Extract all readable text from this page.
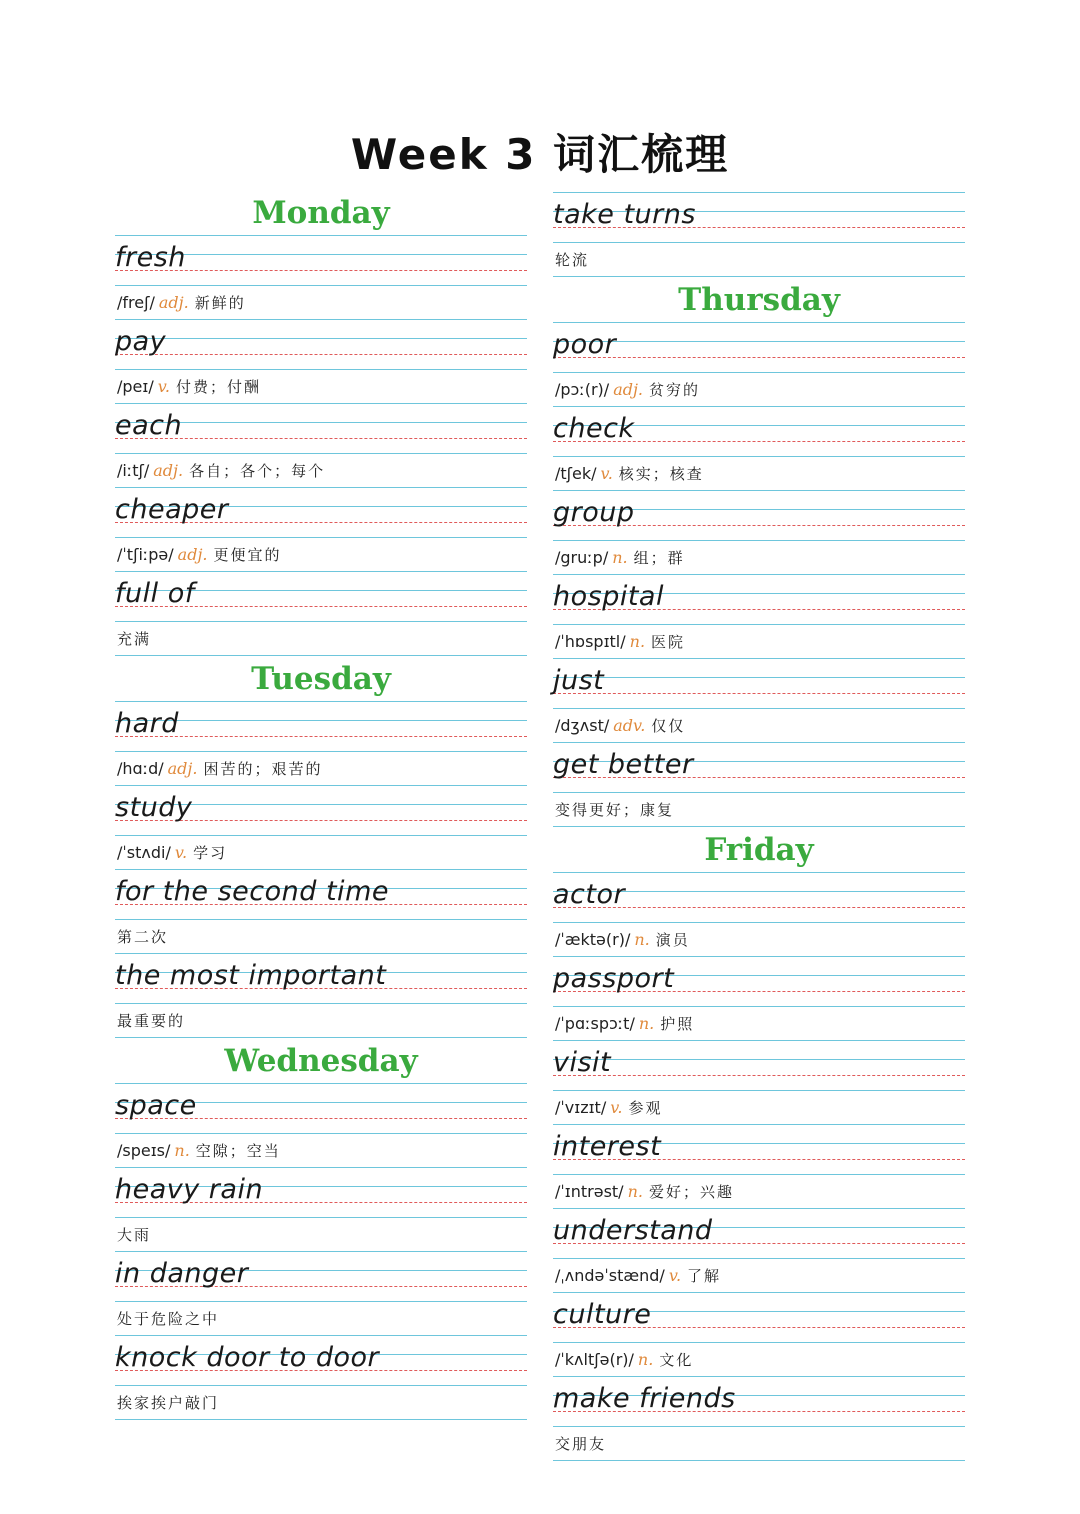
Week 3 词汇梳理
Monday
fresh
/freʃ/ adj. 新鲜的
pay
/peɪ/ v. 付费；付酬
each
/iːtʃ/ adj. 各自；各个；每个
cheaper
/ˈtʃiːpə/ adj. 更便宜的
full of
充满
Tuesday
hard
/hɑːd/ adj. 困苦的；艰苦的
study
/ˈstʌdi/ v. 学习
for the second time
第二次
the most important
最重要的
Wednesday
space
/speɪs/ n. 空隙；空当
heavy rain
大雨
in danger
处于危险之中
knock door to door
挨家挨户敲门
take turns
轮流
Thursday
poor
/pɔː(r)/ adj. 贫穷的
check
/tʃek/ v. 核实；核查
group
/gruːp/ n. 组；群
hospital
/ˈhɒspɪtl/ n. 医院
just
/dʒʌst/ adv. 仅仅
get better
变得更好；康复
Friday
actor
/ˈæktə(r)/ n. 演员
passport
/ˈpɑːspɔːt/ n. 护照
visit
/ˈvɪzɪt/ v. 参观
interest
/ˈɪntrəst/ n. 爱好；兴趣
understand
/ˌʌndəˈstænd/ v. 了解
culture
/ˈkʌltʃə(r)/ n. 文化
make friends
交朋友
